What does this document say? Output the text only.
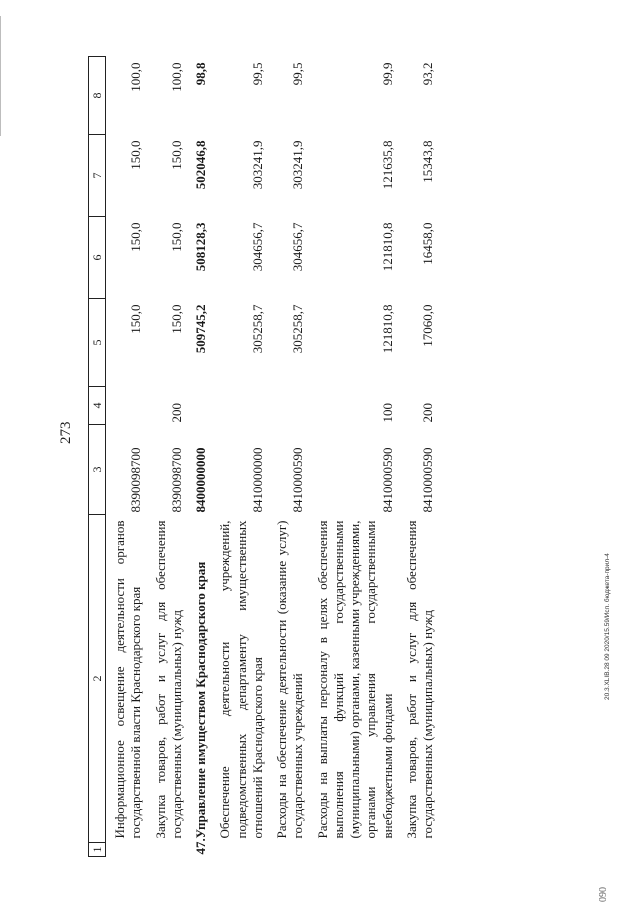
273
1	2	3	4	5	6	7	8
	Информационное освещение деятельности органов государственной власти Краснодарского края	8390098700		150,0	150,0	150,0	100,0
	Закупка товаров, работ и услуг для обеспечения государственных (муниципальных) нужд	8390098700	200	150,0	150,0	150,0	100,0
47.	Управление имуществом Краснодарского края	8400000000		509745,2	508128,3	502046,8	98,8
	Обеспечение деятельности учреждений, подведомственных департаменту имущественных отношений Краснодарского края	8410000000		305258,7	304656,7	303241,9	99,5
	Расходы на обеспечение деятельности (оказание услуг) государственных учреждений	8410000590		305258,7	304656,7	303241,9	99,5
	Расходы на выплаты персоналу в целях обеспечения выполнения функций государственными (муниципальными) органами, казенными учреждениями, органами управления государственными внебюджетными фондами	8410000590	100	121810,8	121810,8	121635,8	99,9
	Закупка товаров, работ и услуг для обеспечения государственных (муниципальных) нужд	8410000590	200	17060,0	16458,0	15343,8	93,2
20.3.XLIB.28 09 2020/15.59/Исп. бюджета-прил-4
090
